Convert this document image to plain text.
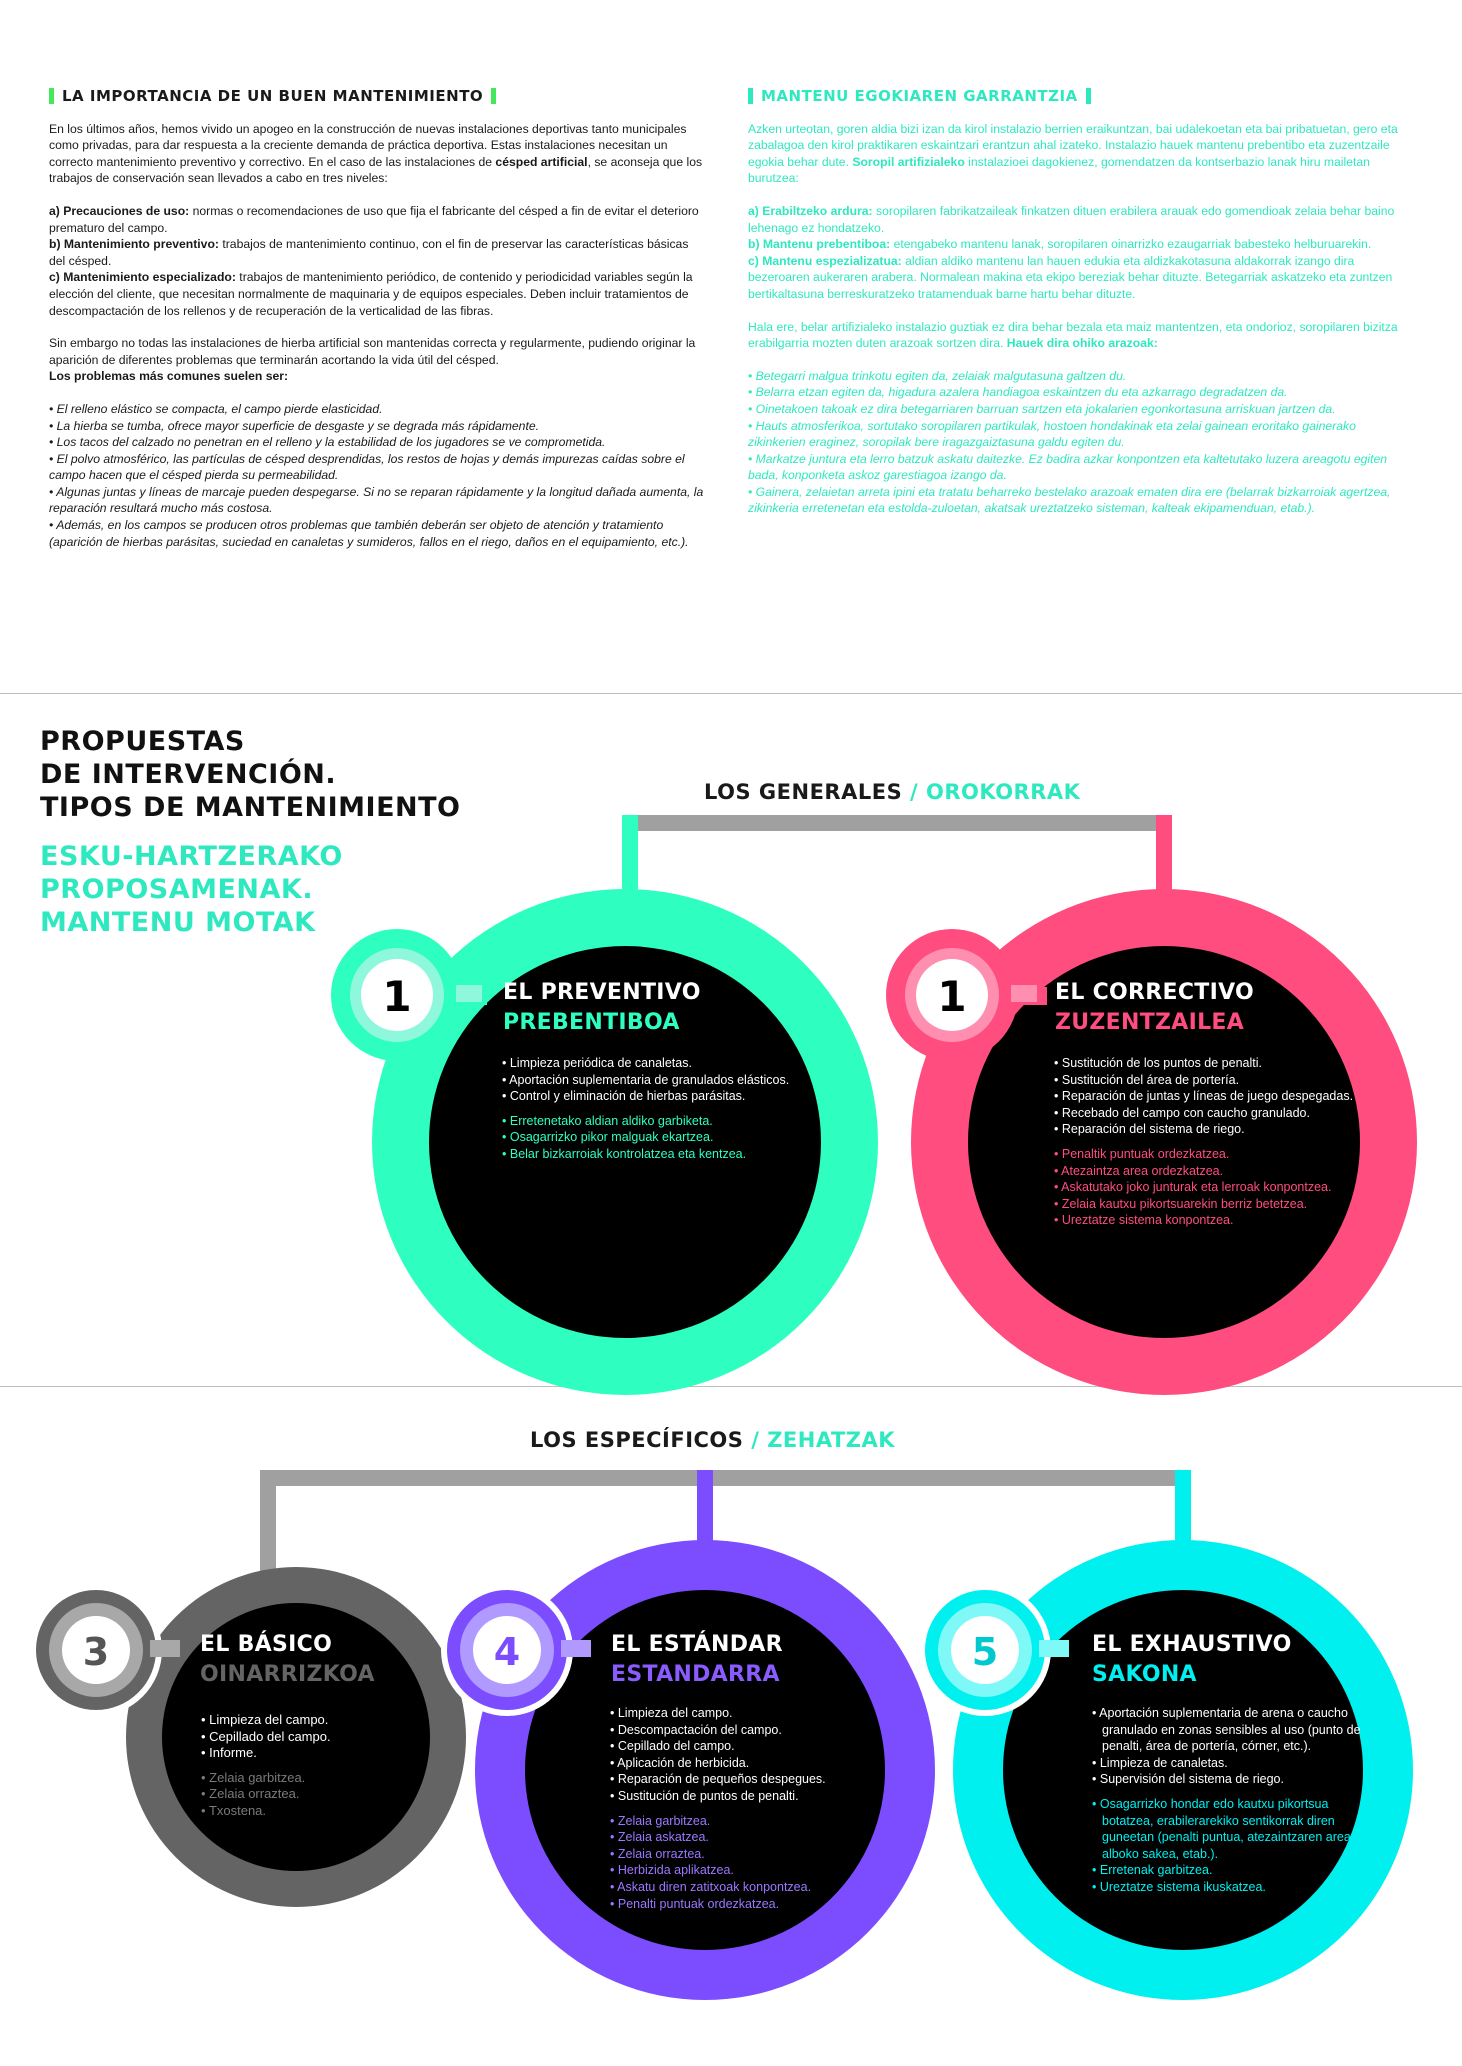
LA IMPORTANCIA DE UN BUEN MANTENIMIENTO

En los últimos años, hemos vivido un apogeo en la construcción de nuevas instalaciones deportivas tanto municipales como privadas, para dar respuesta a la creciente demanda de práctica deportiva. Estas instalaciones necesitan un correcto mantenimiento preventivo y correctivo. En el caso de las instalaciones de césped artificial, se aconseja que los trabajos de conservación sean llevados a cabo en tres niveles:

a) Precauciones de uso: normas o recomendaciones de uso que fija el fabricante del césped a fin de evitar el deterioro prematuro del campo.
b) Mantenimiento preventivo: trabajos de mantenimiento continuo, con el fin de preservar las características básicas del césped.
c) Mantenimiento especializado: trabajos de mantenimiento periódico, de contenido y periodicidad variables según la elección del cliente, que necesitan normalmente de maquinaria y de equipos especiales. Deben incluir tratamientos de descompactación de los rellenos y de recuperación de la verticalidad de las fibras.

Sin embargo no todas las instalaciones de hierba artificial son mantenidas correcta y regularmente, pudiendo originar la aparición de diferentes problemas que terminarán acortando la vida útil del césped.
Los problemas más comunes suelen ser:

• El relleno elástico se compacta, el campo pierde elasticidad.
• La hierba se tumba, ofrece mayor superficie de desgaste y se degrada más rápidamente.
• Los tacos del calzado no penetran en el relleno y la estabilidad de los jugadores se ve comprometida.
• El polvo atmosférico, las partículas de césped desprendidas, los restos de hojas y demás impurezas caídas sobre el campo hacen que el césped pierda su permeabilidad.
• Algunas juntas y líneas de marcaje pueden despegarse. Si no se reparan rápidamente y la longitud dañada aumenta, la reparación resultará mucho más costosa.
• Además, en los campos se producen otros problemas que también deberán ser objeto de atención y tratamiento (aparición de hierbas parásitas, suciedad en canaletas y sumideros, fallos en el riego, daños en el equipamiento, etc.).
MANTENU EGOKIAREN GARRANTZIA

Azken urteotan, goren aldia bizi izan da kirol instalazio berrien eraikuntzan, bai udalekoetan eta bai pribatuetan, gero eta zabalagoa den kirol praktikaren eskaintzari erantzun ahal izateko. Instalazio hauek mantenu prebentibo eta zuzentzaile egokia behar dute. Soropil artifizialeko instalazioei dagokienez, gomendatzen da kontserbazio lanak hiru mailetan burutzea:

a) Erabiltzeko ardura: soropilaren fabrikatzaileak finkatzen dituen erabilera arauak edo gomendioak zelaia behar baino lehenago ez hondatzeko.
b) Mantenu prebentiboa: etengabeko mantenu lanak, soropilaren oinarrizko ezaugarriak babesteko helburuarekin.
c) Mantenu espezializatua: aldian aldiko mantenu lan hauen edukia eta aldizkakotasuna aldakorrak izango dira bezeroaren aukeraren arabera. Normalean makina eta ekipo bereziak behar dituzte. Betegarriak askatzeko eta zuntzen bertikaltasuna berreskuratzeko tratamenduak barne hartu behar dituzte.

Hala ere, belar artifizialeko instalazio guztiak ez dira behar bezala eta maiz mantentzen, eta ondorioz, soropilaren bizitza erabilgarria mozten duten arazoak sortzen dira. Hauek dira ohiko arazoak:

• Betegarri malgua trinkotu egiten da, zelaiak malgutasuna galtzen du.
• Belarra etzan egiten da, higadura azalera handiagoa eskaintzen du eta azkarrago degradatzen da.
• Oinetakoen takoak ez dira betegarriaren barruan sartzen eta jokalarien egonkortasuna arriskuan jartzen da.
• Hauts atmosferikoa, sortutako soropilaren partikulak, hostoen hondakinak eta zelai gainean eroritako gainerako zikinkerien eraginez, soropilak bere iragazgaiztasuna galdu egiten du.
• Markatze juntura eta lerro batzuk askatu daitezke. Ez badira azkar konpontzen eta kaltetutako luzera areagotu egiten bada, konponketa askoz garestiagoa izango da.
• Gainera, zelaietan arreta ipini eta tratatu beharreko bestelako arazoak ematen dira ere (belarrak bizkarroiak agertzea, zikinkeria erretenetan eta estolda-zuloetan, akatsak ureztatzeko sisteman, kalteak ekipamenduan, etab.).
PROPUESTAS
DE INTERVENCIÓN.
TIPOS DE MANTENIMIENTO
ESKU-HARTZERAKO
PROPOSAMENAK.
MANTENU MOTAK
LOS GENERALES / OROKORRAK
LOS ESPECÍFICOS / ZEHATZAK
1	1
3	4	5
EL PREVENTIVO
PREBENTIBOA
EL CORRECTIVO
ZUZENTZAILEA
EL BÁSICO
OINARRIZKOA
EL ESTÁNDAR
ESTANDARRA
EL EXHAUSTIVO
SAKONA
• Limpieza periódica de canaletas.
• Aportación suplementaria de granulados elásticos.
• Control y eliminación de hierbas parásitas.
• Erretenetako aldian aldiko garbiketa.
• Osagarrizko pikor malguak ekartzea.
• Belar bizkarroiak kontrolatzea eta kentzea.
• Sustitución de los puntos de penalti.
• Sustitución del área de portería.
• Reparación de juntas y líneas de juego despegadas.
• Recebado del campo con caucho granulado.
• Reparación del sistema de riego.
• Penaltik puntuak ordezkatzea.
• Atezaintza area ordezkatzea.
• Askatutako joko junturak eta lerroak konpontzea.
• Zelaia kautxu pikortsuarekin berriz betetzea.
• Ureztatze sistema konpontzea.
• Limpieza del campo.
• Cepillado del campo.
• Informe.
• Zelaia garbitzea.
• Zelaia orraztea.
• Txostena.
• Limpieza del campo.
• Descompactación del campo.
• Cepillado del campo.
• Aplicación de herbicida.
• Reparación de pequeños despegues.
• Sustitución de puntos de penalti.
• Zelaia garbitzea.
• Zelaia askatzea.
• Zelaia orraztea.
• Herbizida aplikatzea.
• Askatu diren zatitxoak konpontzea.
• Penalti puntuak ordezkatzea.
• Aportación suplementaria de arena o caucho granulado en zonas sensibles al uso (punto de penalti, área de portería, córner, etc.).
• Limpieza de canaletas.
• Supervisión del sistema de riego.
• Osagarrizko hondar edo kautxu pikortsua botatzea, erabilerarekiko sentikorrak diren guneetan (penalti puntua, atezaintzaren area, alboko sakea, etab.).
• Erretenak garbitzea.
• Ureztatze sistema ikuskatzea.
